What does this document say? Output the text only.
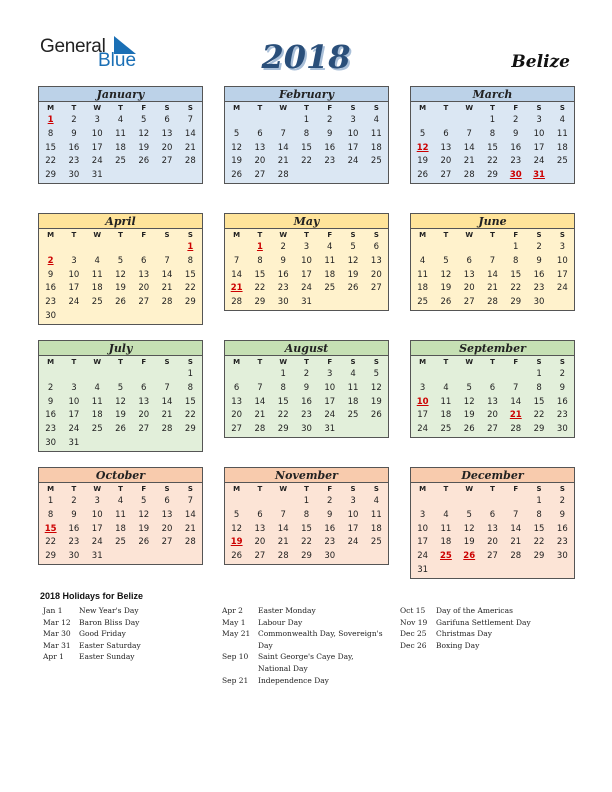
General
Blue	2018	Belize
January
M	T	W	T	F	S	S
1	2	3	4	5	6	7
8	9	10	11	12	13	14
15	16	17	18	19	20	21
22	23	24	25	26	27	28
29	30	31				
February
M	T	W	T	F	S	S
			1	2	3	4
5	6	7	8	9	10	11
12	13	14	15	16	17	18
19	20	21	22	23	24	25
26	27	28				
March
M	T	W	T	F	S	S
			1	2	3	4
5	6	7	8	9	10	11
12	13	14	15	16	17	18
19	20	21	22	23	24	25
26	27	28	29	30	31	
April
M	T	W	T	F	S	S
						1
2	3	4	5	6	7	8
9	10	11	12	13	14	15
16	17	18	19	20	21	22
23	24	25	26	27	28	29
30						
May
M	T	W	T	F	S	S
	1	2	3	4	5	6
7	8	9	10	11	12	13
14	15	16	17	18	19	20
21	22	23	24	25	26	27
28	29	30	31			
June
M	T	W	T	F	S	S
				1	2	3
4	5	6	7	8	9	10
11	12	13	14	15	16	17
18	19	20	21	22	23	24
25	26	27	28	29	30	
July
M	T	W	T	F	S	S
						1
2	3	4	5	6	7	8
9	10	11	12	13	14	15
16	17	18	19	20	21	22
23	24	25	26	27	28	29
30	31					
August
M	T	W	T	F	S	S
		1	2	3	4	5
6	7	8	9	10	11	12
13	14	15	16	17	18	19
20	21	22	23	24	25	26
27	28	29	30	31		
September
M	T	W	T	F	S	S
					1	2
3	4	5	6	7	8	9
10	11	12	13	14	15	16
17	18	19	20	21	22	23
24	25	26	27	28	29	30
October
M	T	W	T	F	S	S
1	2	3	4	5	6	7
8	9	10	11	12	13	14
15	16	17	18	19	20	21
22	23	24	25	26	27	28
29	30	31				
November
M	T	W	T	F	S	S
			1	2	3	4
5	6	7	8	9	10	11
12	13	14	15	16	17	18
19	20	21	22	23	24	25
26	27	28	29	30		
December
M	T	W	T	F	S	S
					1	2
3	4	5	6	7	8	9
10	11	12	13	14	15	16
17	18	19	20	21	22	23
24	25	26	27	28	29	30
31						
2018 Holidays for Belize
Jan 1	New Year's Day
Mar 12	Baron Bliss Day
Mar 30	Good Friday
Mar 31	Easter Saturday
Apr 1	Easter Sunday
Apr 2	Easter Monday
May 1	Labour Day
May 21	Commonwealth Day, Sovereign's Day
Sep 10	Saint George's Caye Day, National Day
Sep 21	Independence Day
Oct 15	Day of the Americas
Nov 19	Garifuna Settlement Day
Dec 25	Christmas Day
Dec 26	Boxing Day
